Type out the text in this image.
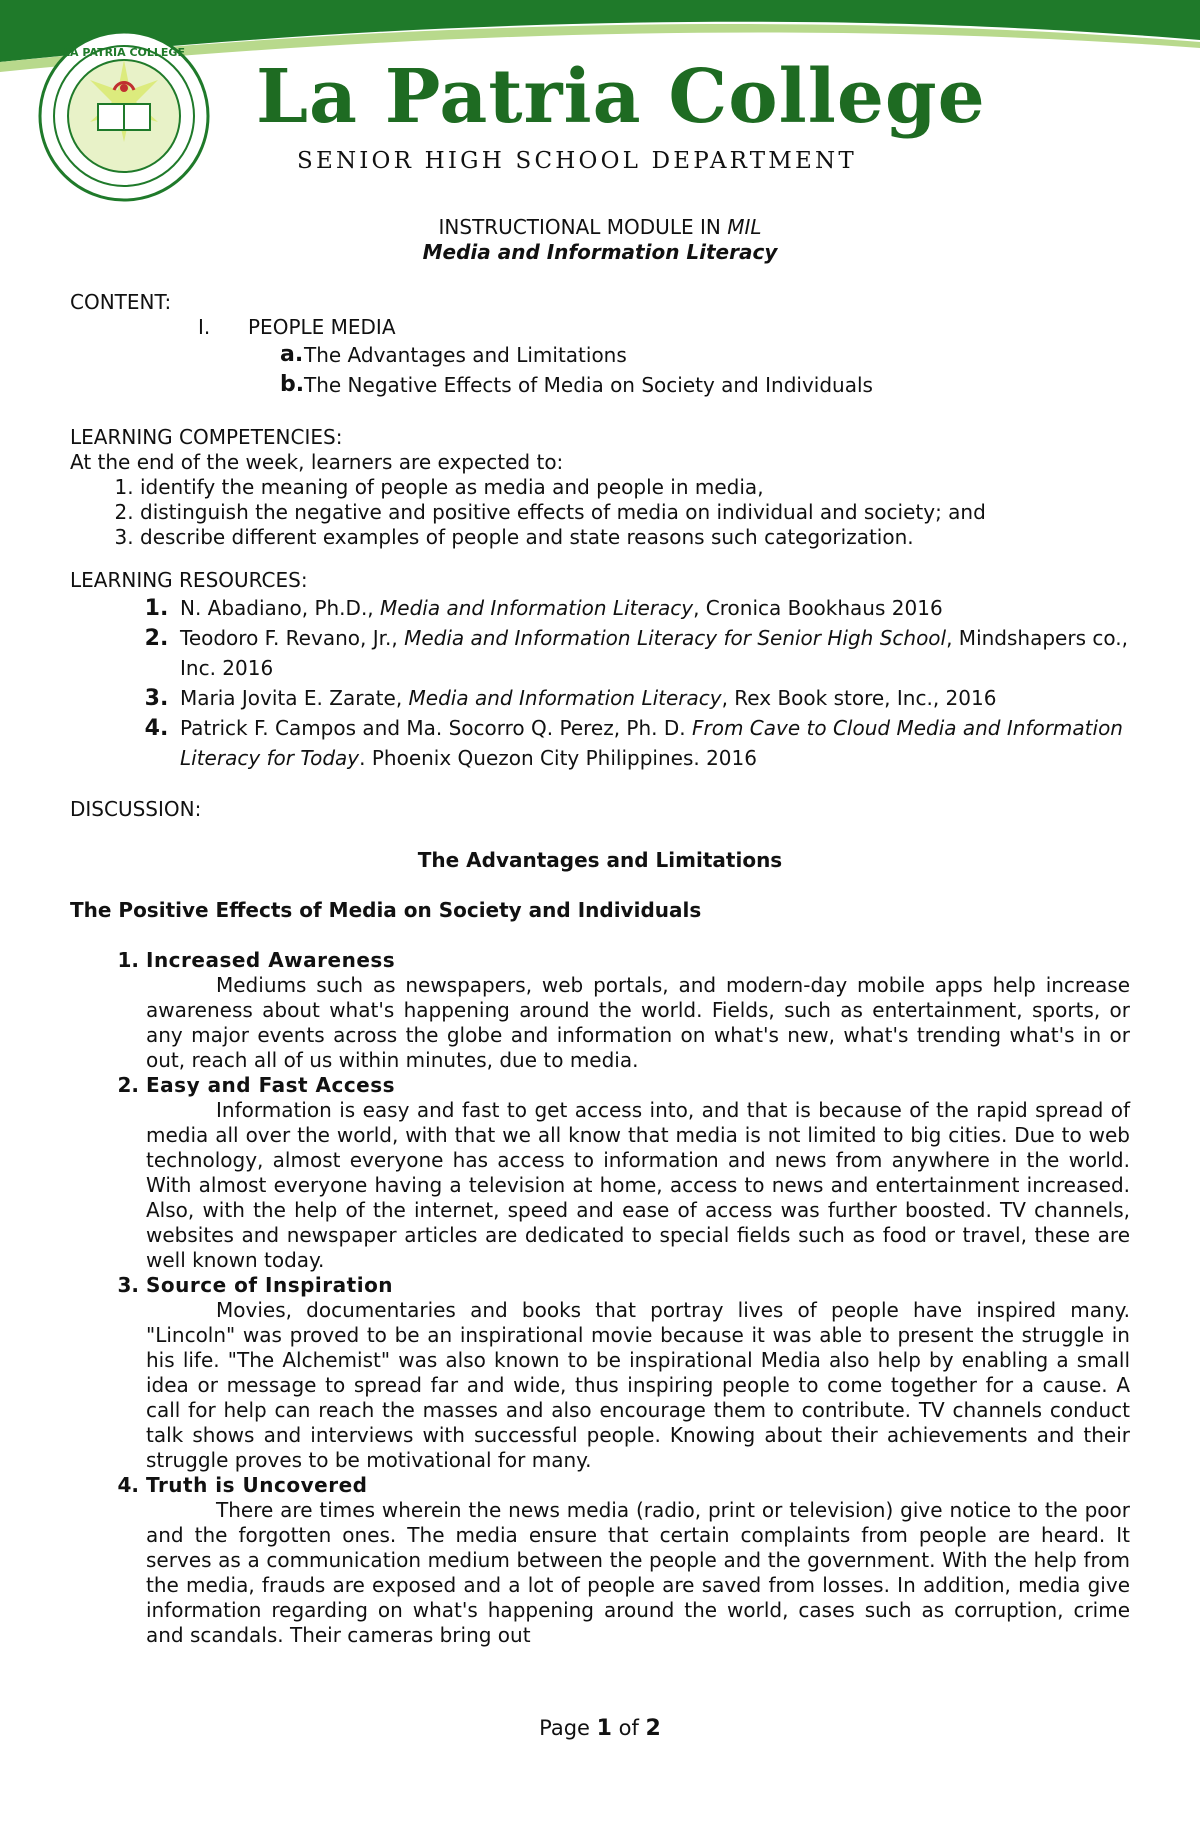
LA PATRIA COLLEGE
La Patria College
SENIOR HIGH SCHOOL DEPARTMENT

INSTRUCTIONAL MODULE IN MIL

Media and Information Literacy

CONTENT:

I.	PEOPLE MEDIA
a. The Advantages and Limitations
b. The Negative Effects of Media on Society and Individuals

LEARNING COMPETENCIES:

At the end of the week, learners are expected to:

1. identify the meaning of people as media and people in media,
2. distinguish the negative and positive effects of media on individual and society; and
3. describe different examples of people and state reasons such categorization.

LEARNING RESOURCES:

1. N. Abadiano, Ph.D., Media and Information Literacy, Cronica Bookhaus 2016
2. Teodoro F. Revano, Jr., Media and Information Literacy for Senior High School, Mindshapers co., Inc. 2016
3. Maria Jovita E. Zarate, Media and Information Literacy, Rex Book store, Inc., 2016
4. Patrick F. Campos and Ma. Socorro Q. Perez, Ph. D. From Cave to Cloud Media and Information Literacy for Today. Phoenix Quezon City Philippines. 2016

DISCUSSION:

The Advantages and Limitations

The Positive Effects of Media on Society and Individuals

1. Increased Awareness
Mediums such as newspapers, web portals, and modern-day mobile apps help increase awareness about what's happening around the world. Fields, such as entertainment, sports, or any major events across the globe and information on what's new, what's trending what's in or out, reach all of us within minutes, due to media.
2. Easy and Fast Access
Information is easy and fast to get access into, and that is because of the rapid spread of media all over the world, with that we all know that media is not limited to big cities. Due to web technology, almost everyone has access to information and news from anywhere in the world. With almost everyone having a television at home, access to news and entertainment increased. Also, with the help of the internet, speed and ease of access was further boosted. TV channels, websites and newspaper articles are dedicated to special fields such as food or travel, these are well known today.
3. Source of Inspiration
Movies, documentaries and books that portray lives of people have inspired many. "Lincoln" was proved to be an inspirational movie because it was able to present the struggle in his life. "The Alchemist" was also known to be inspirational Media also help by enabling a small idea or message to spread far and wide, thus inspiring people to come together for a cause. A call for help can reach the masses and also encourage them to contribute. TV channels conduct talk shows and interviews with successful people. Knowing about their achievements and their struggle proves to be motivational for many.
4. Truth is Uncovered
There are times wherein the news media (radio, print or television) give notice to the poor and the forgotten ones. The media ensure that certain complaints from people are heard. It serves as a communication medium between the people and the government. With the help from the media, frauds are exposed and a lot of people are saved from losses. In addition, media give information regarding on what's happening around the world, cases such as corruption, crime and scandals. Their cameras bring out
Page 1 of 2
